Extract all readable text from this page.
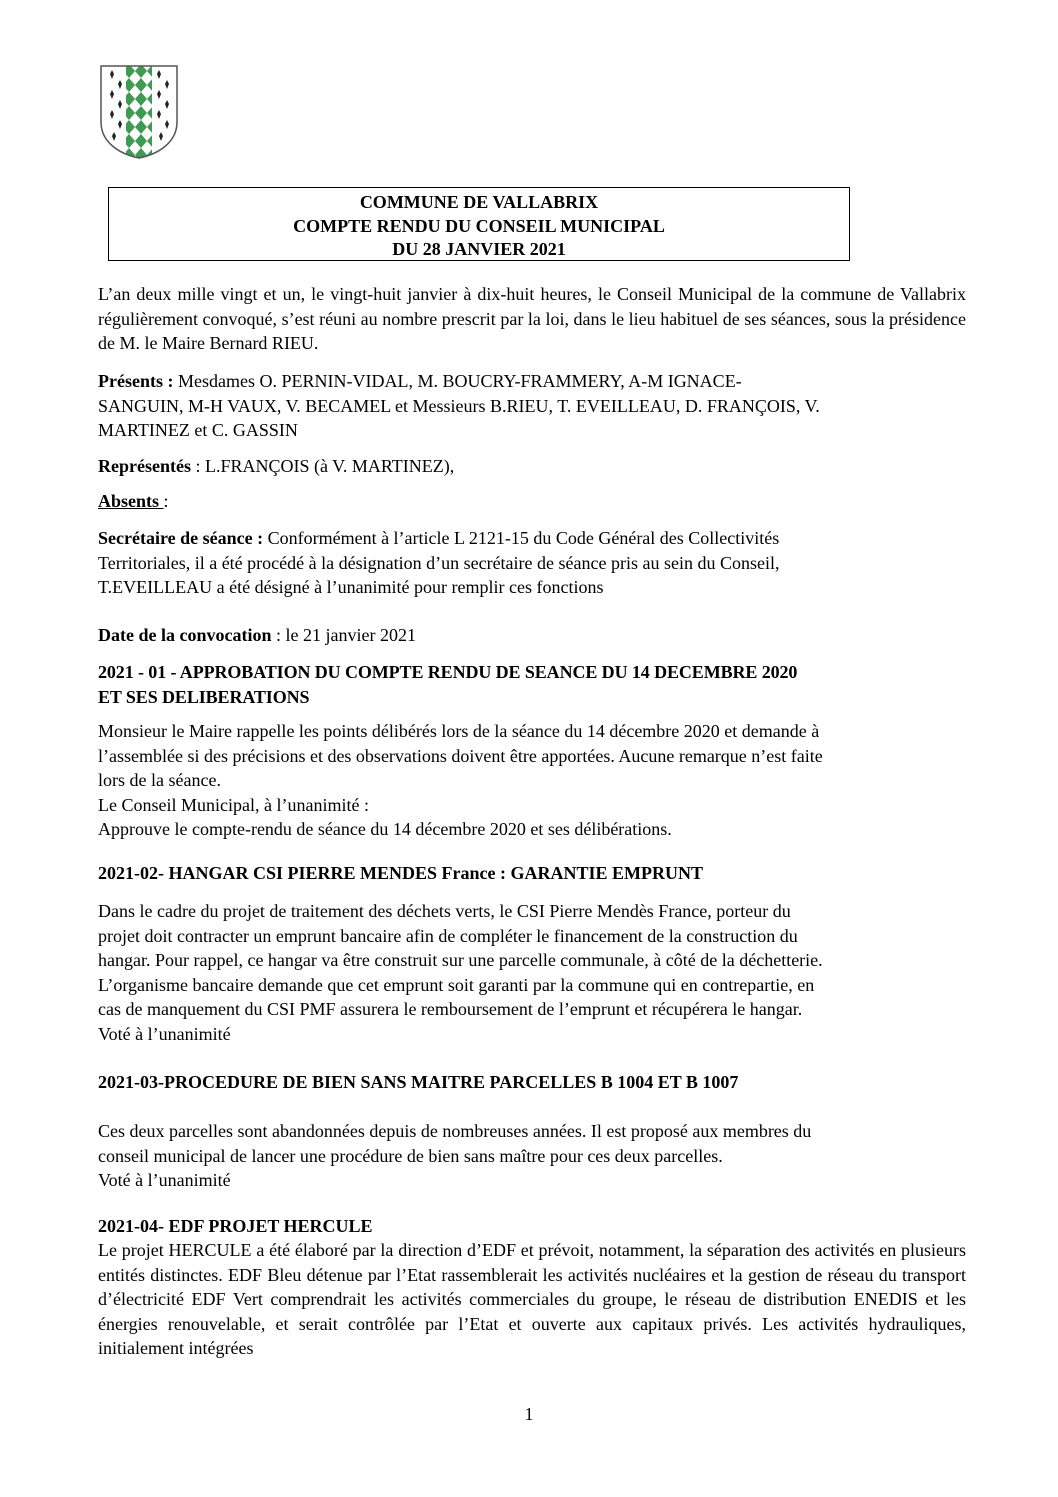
COMMUNE DE VALLABRIX
COMPTE RENDU DU CONSEIL MUNICIPAL
DU 28 JANVIER 2021
L’an deux mille vingt et un, le vingt-huit janvier à dix-huit heures, le Conseil Municipal de la commune de Vallabrix régulièrement convoqué, s’est réuni au nombre prescrit par la loi, dans le lieu habituel de ses séances, sous la présidence de M. le Maire Bernard RIEU.
Présents : Mesdames O. PERNIN-VIDAL, M. BOUCRY-FRAMMERY, A-M IGNACE-
SANGUIN, M-H VAUX, V. BECAMEL et Messieurs B.RIEU, T. EVEILLEAU, D. FRANÇOIS, V.
MARTINEZ et C. GASSIN
Représentés : L.FRANÇOIS (à V. MARTINEZ),
Absents :
Secrétaire de séance : Conformément à l’article L 2121-15 du Code Général des Collectivités
Territoriales, il a été procédé à la désignation d’un secrétaire de séance pris au sein du Conseil,
T.EVEILLEAU a été désigné à l’unanimité pour remplir ces fonctions
Date de la convocation : le 21 janvier 2021
2021 - 01 - APPROBATION DU COMPTE RENDU DE SEANCE DU 14 DECEMBRE 2020
ET SES DELIBERATIONS
Monsieur le Maire rappelle les points délibérés lors de la séance du 14 décembre 2020 et demande à
l’assemblée si des précisions et des observations doivent être apportées. Aucune remarque n’est faite
lors de la séance.
Le Conseil Municipal, à l’unanimité :
Approuve le compte-rendu de séance du 14 décembre 2020 et ses délibérations.
2021-02- HANGAR CSI PIERRE MENDES France : GARANTIE EMPRUNT
Dans le cadre du projet de traitement des déchets verts, le CSI Pierre Mendès France, porteur du
projet doit contracter un emprunt bancaire afin de compléter le financement de la construction du
hangar. Pour rappel, ce hangar va être construit sur une parcelle communale, à côté de la déchetterie.
L’organisme bancaire demande que cet emprunt soit garanti par la commune qui en contrepartie, en
cas de manquement du CSI PMF assurera le remboursement de l’emprunt et récupérera le hangar.
Voté à l’unanimité
2021-03-PROCEDURE DE BIEN SANS MAITRE PARCELLES B 1004 ET B 1007
Ces deux parcelles sont abandonnées depuis de nombreuses années. Il est proposé aux membres du
conseil municipal de lancer une procédure de bien sans maître pour ces deux parcelles.
Voté à l’unanimité
2021-04- EDF PROJET HERCULE
Le projet HERCULE a été élaboré par la direction d’EDF et prévoit, notamment, la séparation des activités en plusieurs entités distinctes. EDF Bleu détenue par l’Etat rassemblerait les activités nucléaires et la gestion de réseau du transport d’électricité EDF Vert comprendrait les activités commerciales du groupe, le réseau de distribution ENEDIS et les énergies renouvelable, et serait contrôlée par l’Etat et ouverte aux capitaux privés. Les activités hydrauliques, initialement intégrées
1
